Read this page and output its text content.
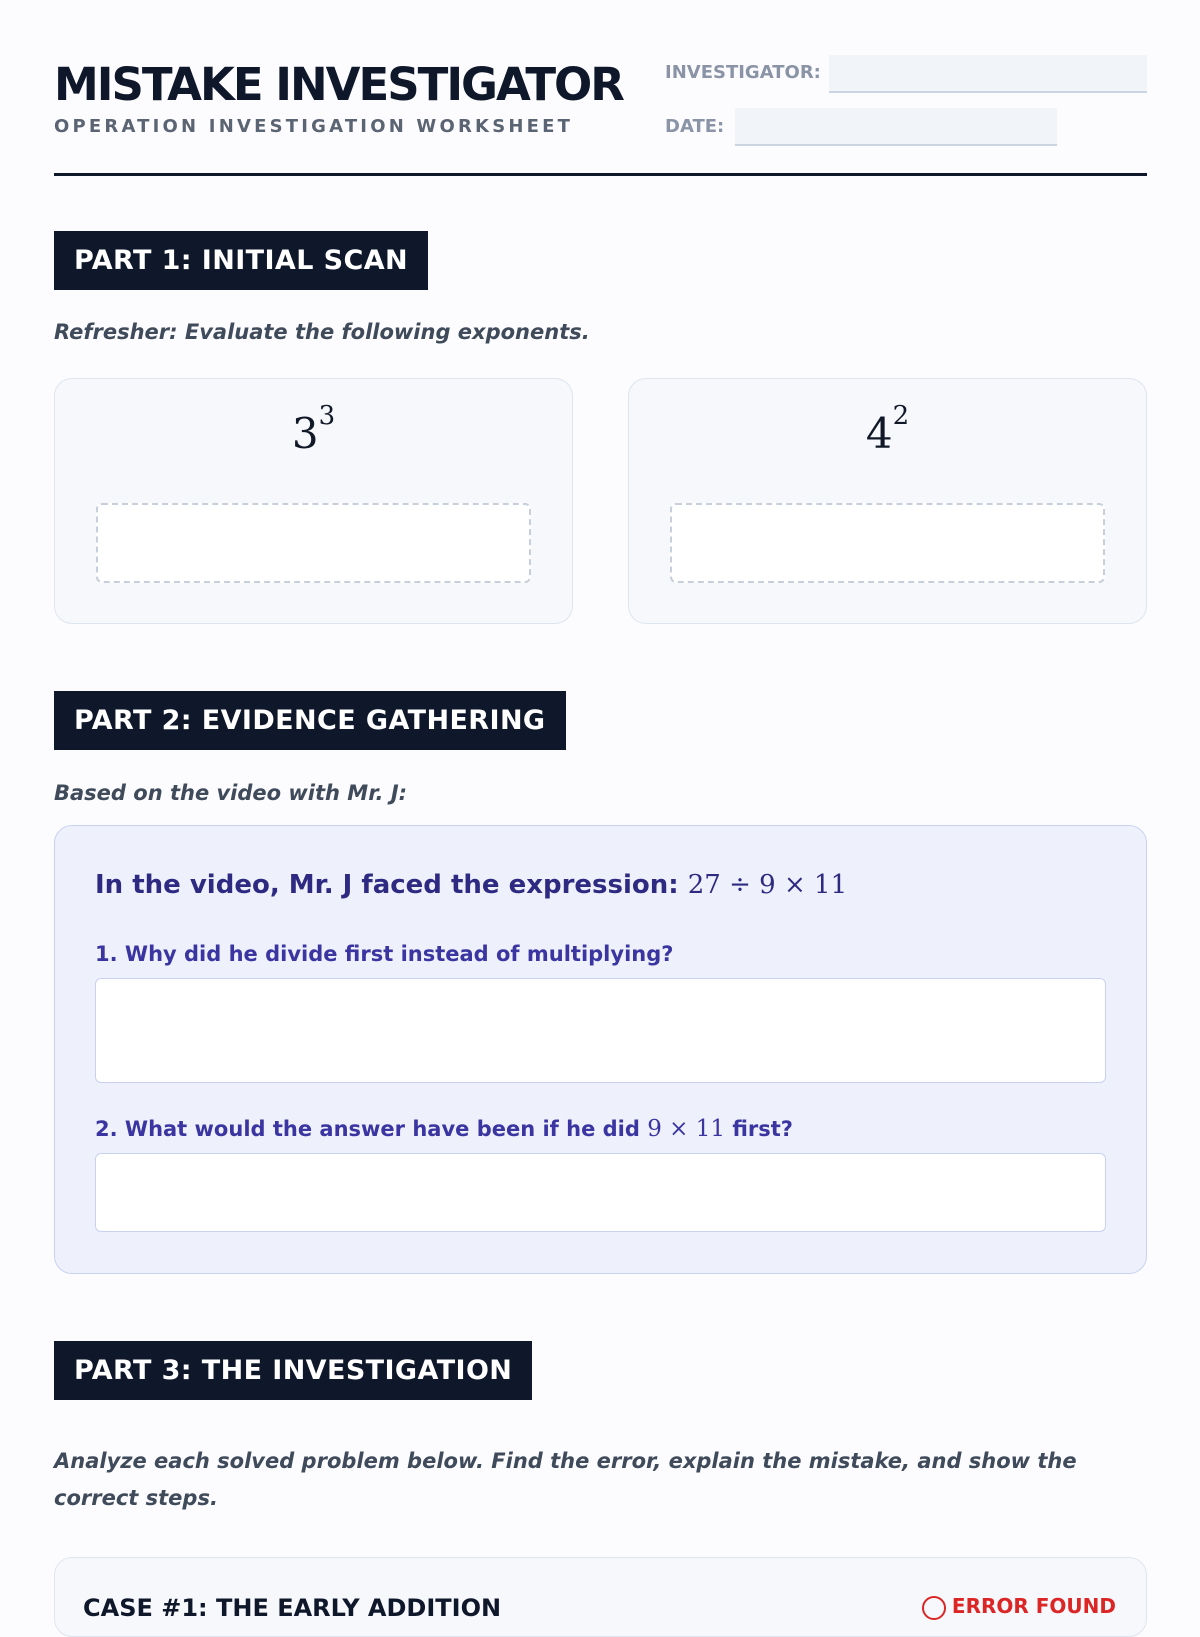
MISTAKE INVESTIGATOR
OPERATION INVESTIGATION WORKSHEET
INVESTIGATOR:
DATE:
PART 1: INITIAL SCAN
Refresher: Evaluate the following exponents.
$3^3$	$4^2$
PART 2: EVIDENCE GATHERING
Based on the video with Mr. J:
In the video, Mr. J faced the expression: 27 ÷ 9 × 11
1. Why did he divide first instead of multiplying?
2. What would the answer have been if he did 9 × 11 first?
PART 3: THE INVESTIGATION
Analyze each solved problem below. Find the error, explain the mistake, and show the correct steps.
CASE #1: THE EARLY ADDITION	ERROR FOUND
